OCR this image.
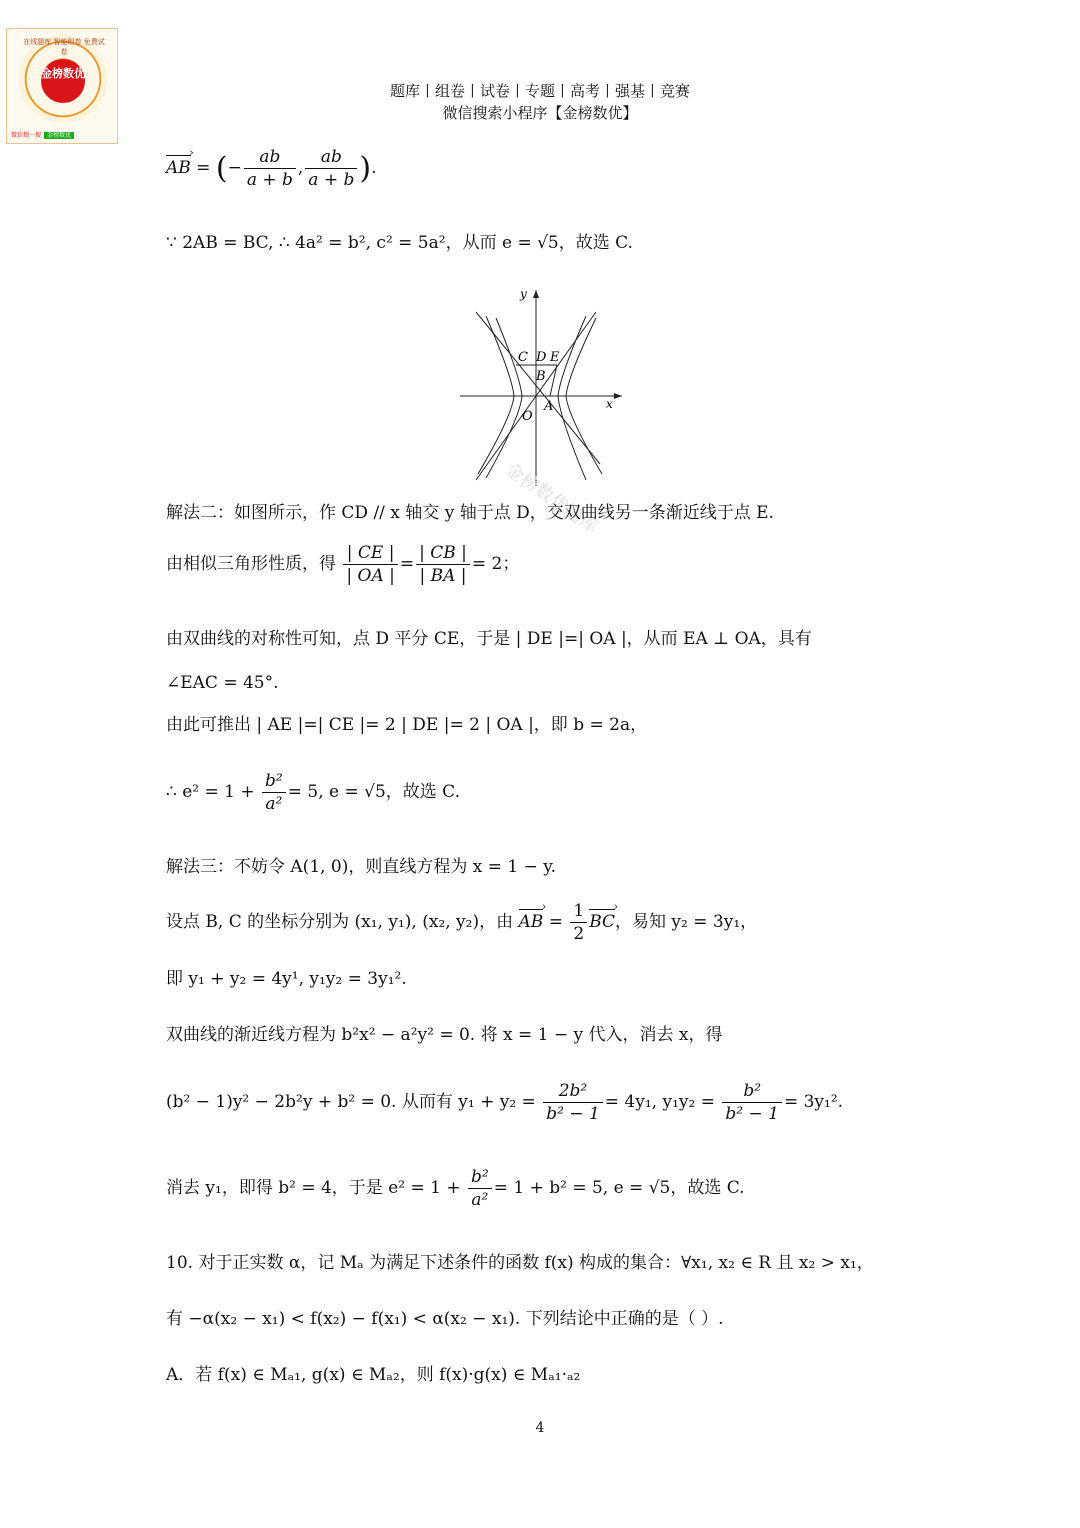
在线题库 智能组卷 免费试卷
金榜数优
微信搜一搜 金榜数优
题库丨组卷丨试卷丨专题丨高考丨强基丨竞赛
微信搜索小程序【金榜数优】
AB › = (− $\frac{ab}{a + b}$ , $\frac{ab}{a + b}$ ).
∵ 2AB = BC, ∴ 4a² = b², c² = 5a²，从而 e = √5，故选 C.
金榜数优题库
y
x
C D E
B
A
O
解法二：如图所示，作 CD // x 轴交 y 轴于点 D，交双曲线另一条渐近线于点 E.
由相似三角形性质，得 $\frac{| CE |}{| OA |} = \frac{| CB |}{| BA |} = 2$；
由双曲线的对称性可知，点 D 平分 CE，于是 | DE |=| OA |，从而 EA ⊥ OA，具有
∠EAC = 45°.
由此可推出 | AE |=| CE |= 2 | DE |= 2 | OA |，即 b = 2a，
∴ $e^2 = 1 + \frac{\text{b²}}{\text{a²}} = 5$, e = √5，故选 C.
解法三：不妨令 A(1, 0)，则直线方程为 x = 1 − y.
设点 B, C 的坐标分别为 (x₁, y₁), (x₂, y₂)，由 AB › = $\frac{1}{2}$ BC ›，易知 y₂ = 3y₁，
即 y₁ + y₂ = 4y¹, y₁y₂ = 3y₁².
双曲线的渐近线方程为 b²x² − a²y² = 0. 将 x = 1 − y 代入，消去 x，得
(b² − 1)y² − 2b²y + b² = 0. 从而有 $y_1 + y_2 = \frac{\text{2b²}}{\text{b² − 1}} = 4y_1$, $y_1y_2 = \frac{\text{b²}}{\text{b² − 1}} = 3y_1^2$.
消去 y₁，即得 b² = 4，于是 $e^2 = 1 + \frac{\text{b²}}{\text{a²}} = 1 + b^2 = 5$, e = √5，故选 C.
10. 对于正实数 α，记 Mₐ 为满足下述条件的函数 f(x) 构成的集合：∀x₁, x₂ ∈ R 且 x₂ > x₁，
有 −α(x₂ − x₁) < f(x₂) − f(x₁) < α(x₂ − x₁). 下列结论中正确的是（ ）.
A．若 f(x) ∈ Mₐ₁, g(x) ∈ Mₐ₂，则 f(x)·g(x) ∈ Mₐ₁·ₐ₂
4
